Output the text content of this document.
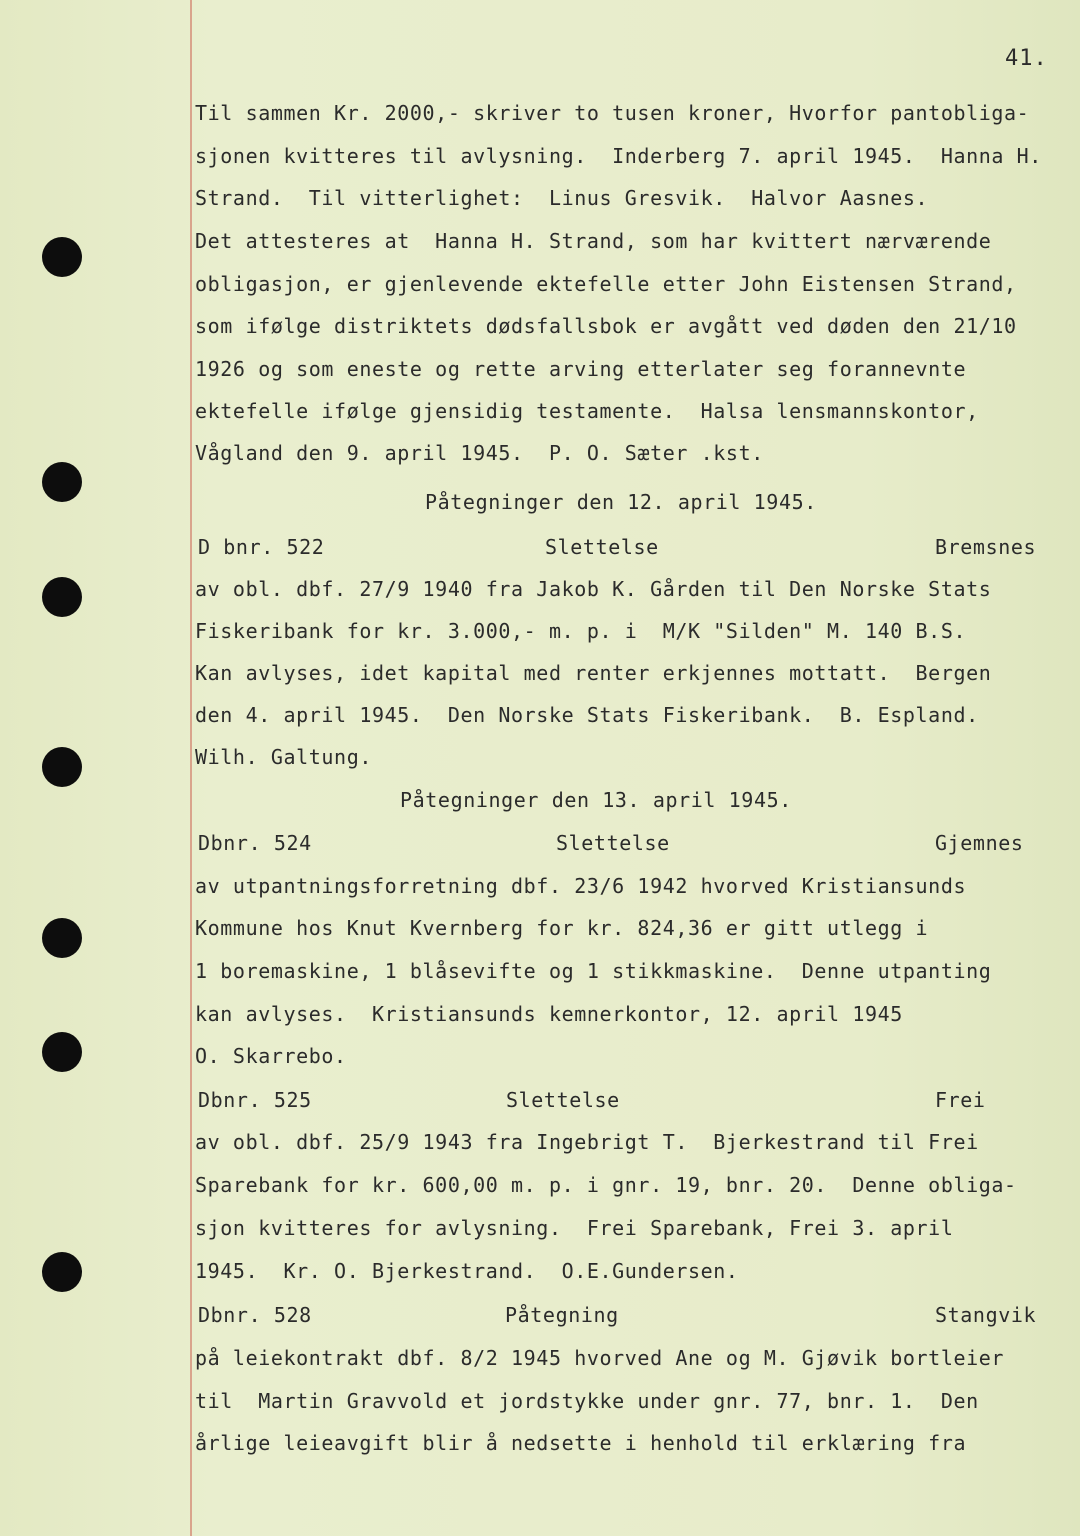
41.
Til sammen Kr. 2000,- skriver to tusen kroner, Hvorfor pantobliga-
sjonen kvitteres til avlysning.  Inderberg 7. april 1945.  Hanna H.
Strand.  Til vitterlighet:  Linus Gresvik.  Halvor Aasnes.
Det attesteres at  Hanna H. Strand, som har kvittert nærværende
obligasjon, er gjenlevende ektefelle etter John Eistensen Strand,
som ifølge distriktets dødsfallsbok er avgått ved døden den 21/10
1926 og som eneste og rette arving etterlater seg forannevnte
ektefelle ifølge gjensidig testamente.  Halsa lensmannskontor,
Vågland den 9. april 1945.  P. O. Sæter .kst.
Påtegninger den 12. april 1945.
D bnr. 522	Slettelse	Bremsnes
av obl. dbf. 27/9 1940 fra Jakob K. Gården til Den Norske Stats
Fiskeribank for kr. 3.000,- m. p. i  M/K "Silden" M. 140 B.S.
Kan avlyses, idet kapital med renter erkjennes mottatt.  Bergen
den 4. april 1945.  Den Norske Stats Fiskeribank.  B. Espland.
Wilh. Galtung.
Påtegninger den 13. april 1945.
Dbnr. 524	Slettelse	Gjemnes
av utpantningsforretning dbf. 23/6 1942 hvorved Kristiansunds
Kommune hos Knut Kvernberg for kr. 824,36 er gitt utlegg i
1 boremaskine, 1 blåsevifte og 1 stikkmaskine.  Denne utpanting
kan avlyses.  Kristiansunds kemnerkontor, 12. april 1945
O. Skarrebo.
Dbnr. 525	Slettelse	Frei
av obl. dbf. 25/9 1943 fra Ingebrigt T.  Bjerkestrand til Frei
Sparebank for kr. 600,00 m. p. i gnr. 19, bnr. 20.  Denne obliga-
sjon kvitteres for avlysning.  Frei Sparebank, Frei 3. april
1945.  Kr. O. Bjerkestrand.  O.E.Gundersen.
Dbnr. 528	Påtegning	Stangvik
på leiekontrakt dbf. 8/2 1945 hvorved Ane og M. Gjøvik bortleier
til  Martin Gravvold et jordstykke under gnr. 77, bnr. 1.  Den
årlige leieavgift blir å nedsette i henhold til erklæring fra
